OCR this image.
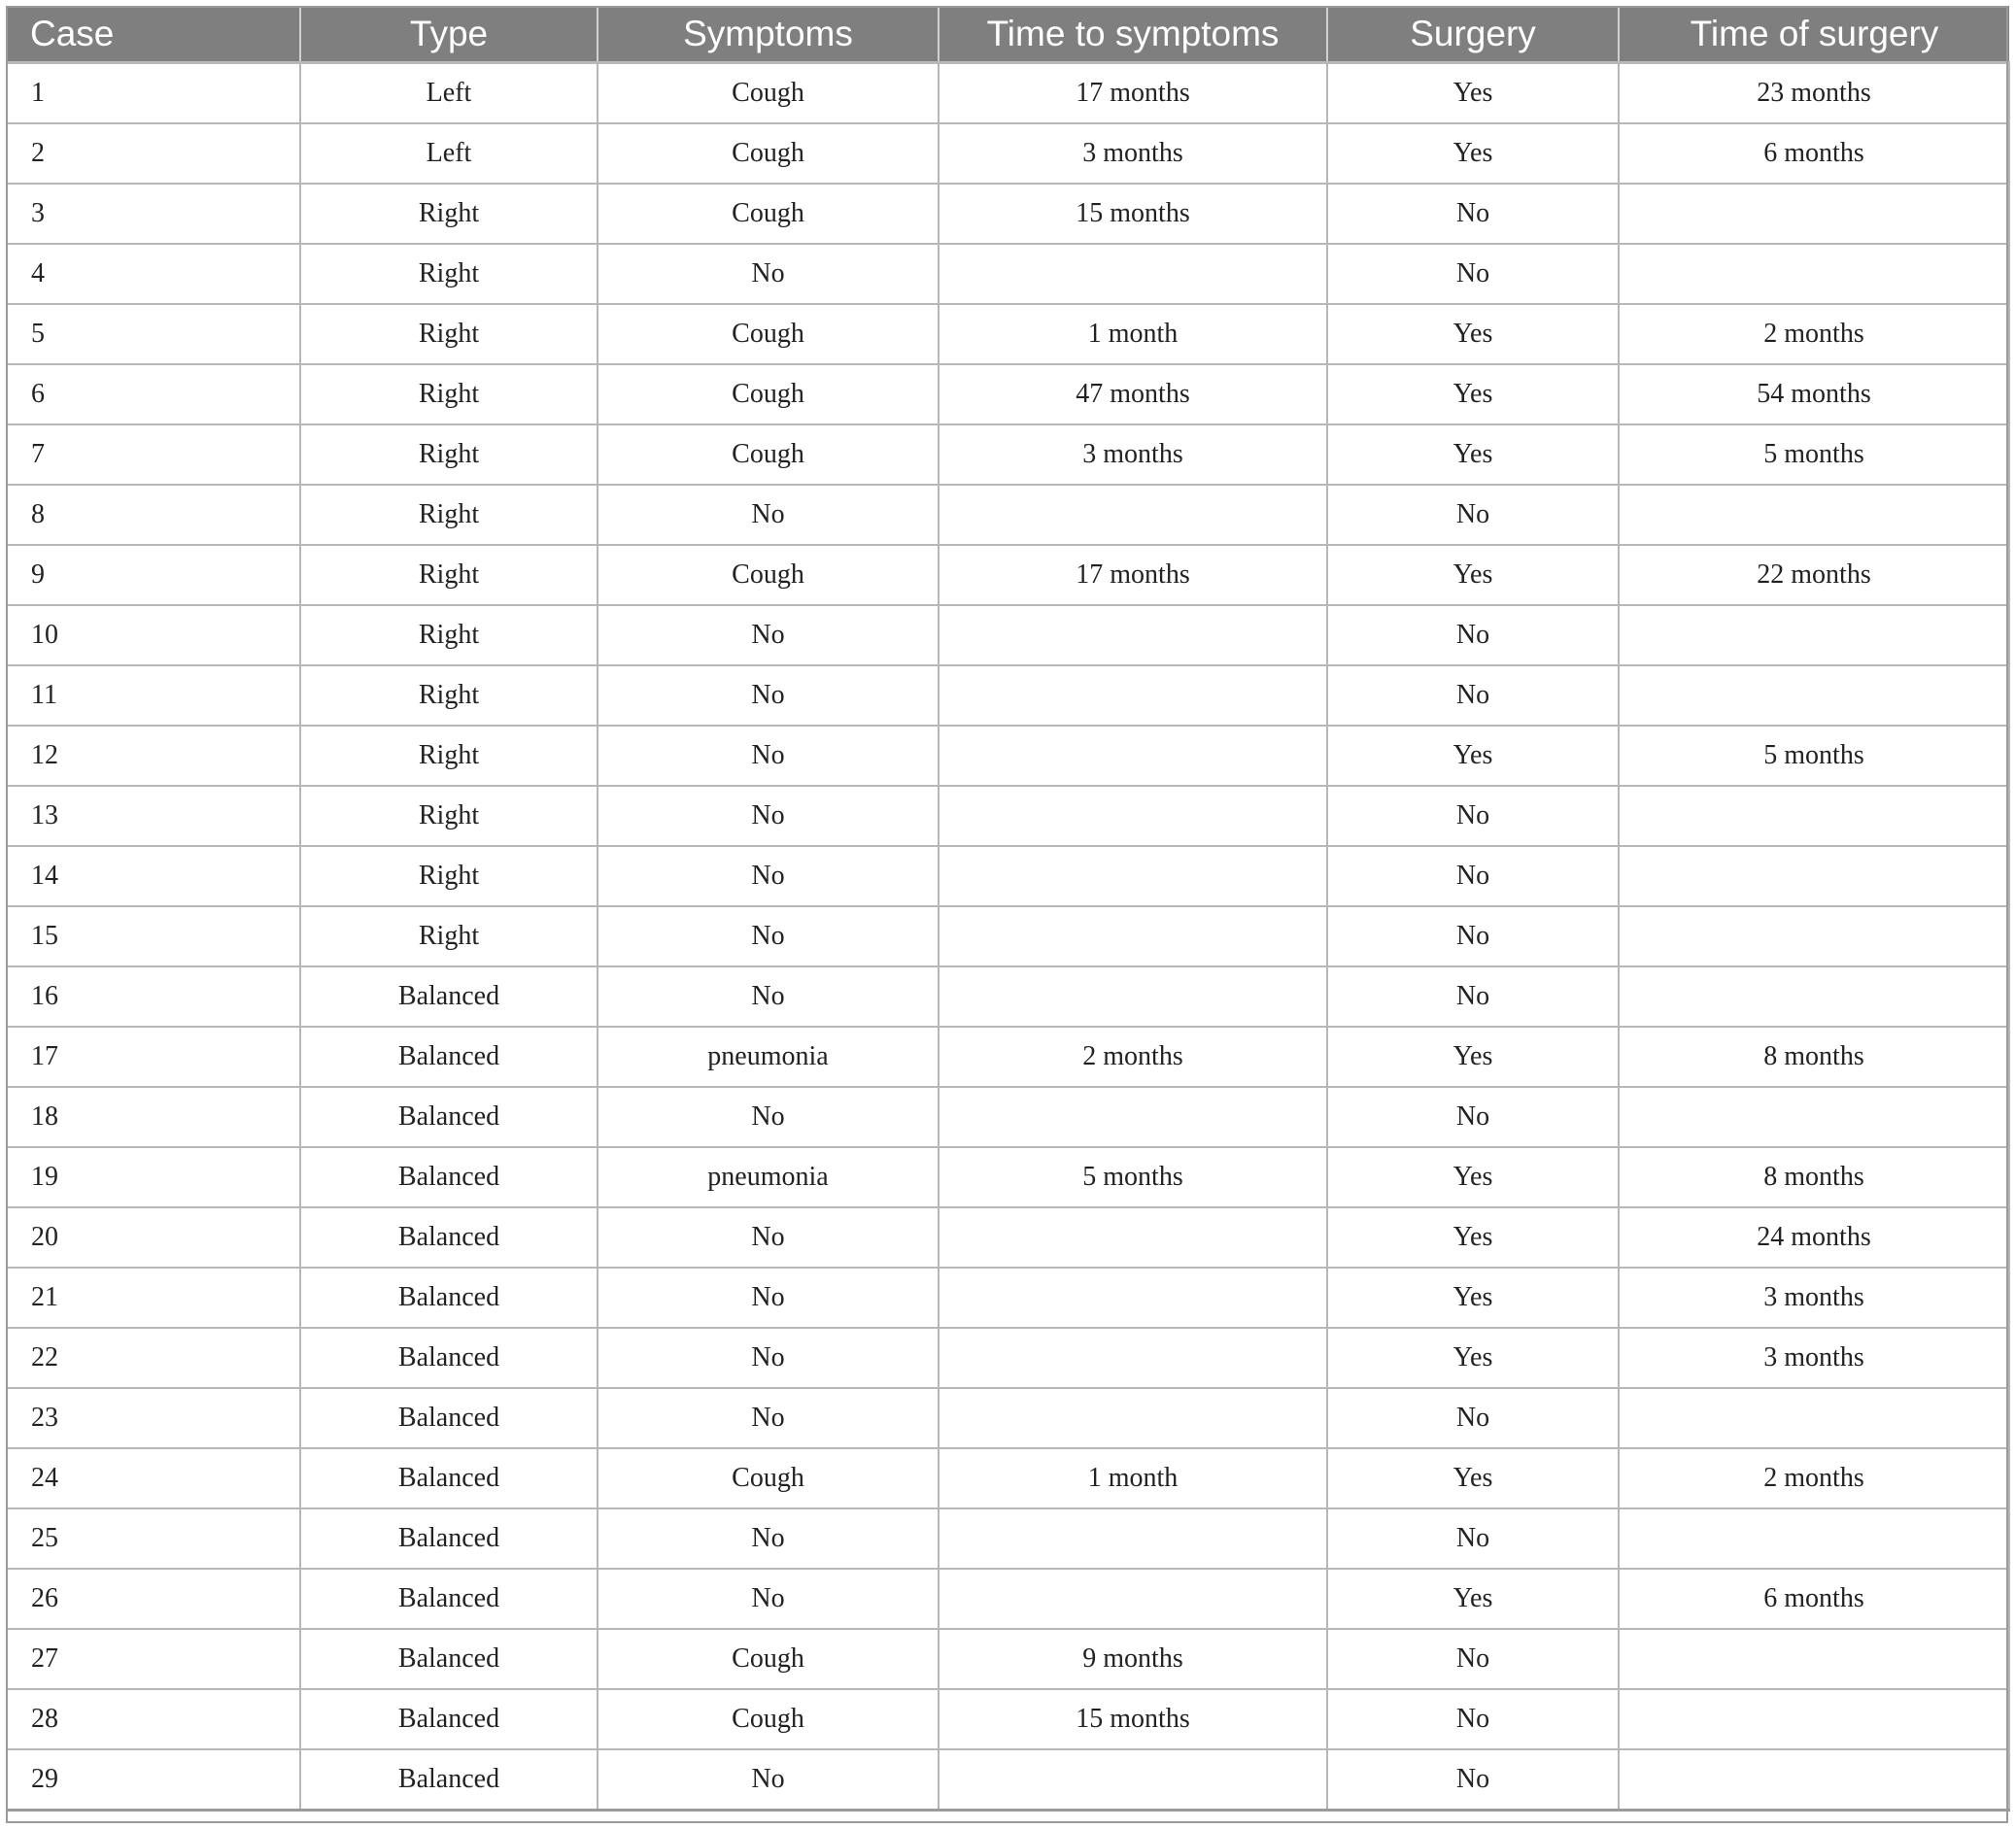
Case	Type	Symptoms	Time to symptoms	Surgery	Time of surgery
1	Left	Cough	17 months	Yes	23 months
2	Left	Cough	3 months	Yes	6 months
3	Right	Cough	15 months	No	
4	Right	No		No	
5	Right	Cough	1 month	Yes	2 months
6	Right	Cough	47 months	Yes	54 months
7	Right	Cough	3 months	Yes	5 months
8	Right	No		No	
9	Right	Cough	17 months	Yes	22 months
10	Right	No		No	
11	Right	No		No	
12	Right	No		Yes	5 months
13	Right	No		No	
14	Right	No		No	
15	Right	No		No	
16	Balanced	No		No	
17	Balanced	pneumonia	2 months	Yes	8 months
18	Balanced	No		No	
19	Balanced	pneumonia	5 months	Yes	8 months
20	Balanced	No		Yes	24 months
21	Balanced	No		Yes	3 months
22	Balanced	No		Yes	3 months
23	Balanced	No		No	
24	Balanced	Cough	1 month	Yes	2 months
25	Balanced	No		No	
26	Balanced	No		Yes	6 months
27	Balanced	Cough	9 months	No	
28	Balanced	Cough	15 months	No	
29	Balanced	No		No	
